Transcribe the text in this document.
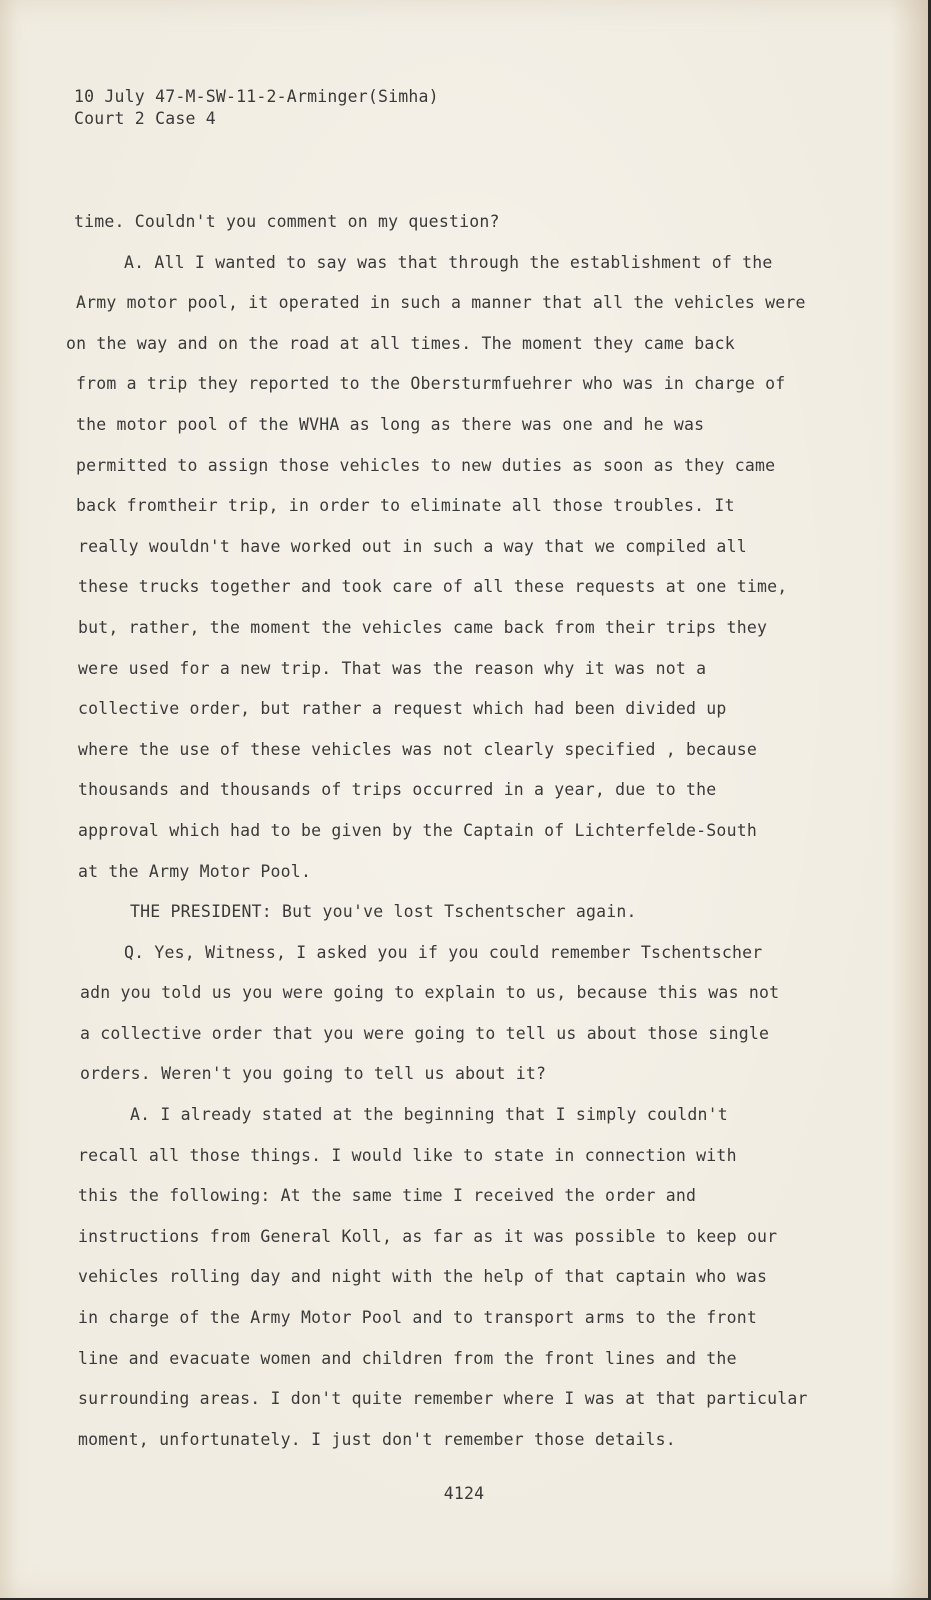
10 July 47-M-SW-11-2-Arminger(Simha)
Court 2 Case 4
time. Couldn't you comment on my question?
A. All I wanted to say was that through the establishment of the
Army motor pool, it operated in such a manner that all the vehicles were
on the way and on the road at all times. The moment they came back
from a trip they reported to the Obersturmfuehrer who was in charge of
the motor pool of the WVHA as long as there was one and he was
permitted to assign those vehicles to new duties as soon as they came
back fromtheir trip, in order to eliminate all those troubles. It
really wouldn't have worked out in such a way that we compiled all
these trucks together and took care of all these requests at one time,
but, rather, the moment the vehicles came back from their trips they
were used for a new trip. That was the reason why it was not a
collective order, but rather a request which had been divided up
where the use of these vehicles was not clearly specified , because
thousands and thousands of trips occurred in a year, due to the
approval which had to be given by the Captain of Lichterfelde-South
at the Army Motor Pool.
THE PRESIDENT: But you've lost Tschentscher again.
Q. Yes, Witness, I asked you if you could remember Tschentscher
adn you told us you were going to explain to us, because this was not
a collective order that you were going to tell us about those single
orders. Weren't you going to tell us about it?
A. I already stated at the beginning that I simply couldn't
recall all those things. I would like to state in connection with
this the following: At the same time I received the order and
instructions from General Koll, as far as it was possible to keep our
vehicles rolling day and night with the help of that captain who was
in charge of the Army Motor Pool and to transport arms to the front
line and evacuate women and children from the front lines and the
surrounding areas. I don't quite remember where I was at that particular
moment, unfortunately. I just don't remember those details.
4124
